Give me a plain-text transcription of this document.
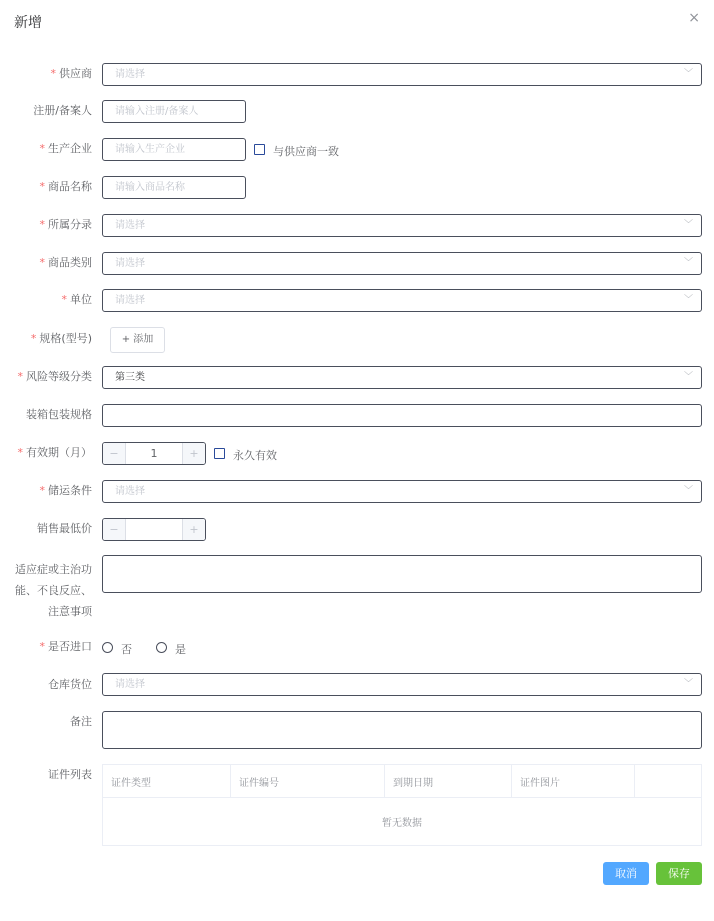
新增	×
* 供应商	请选择	﹀
注册/备案人	请输入注册/备案人
* 生产企业	请输入生产企业	与供应商一致
* 商品名称	请输入商品名称
* 所属分录	请选择	﹀
* 商品类别	请选择	﹀
* 单位	请选择	﹀
* 规格(型号)	+ 添加
* 风险等级分类	第三类	﹀
装箱包装规格
* 有效期（月）	−	1	+	永久有效
* 储运条件	请选择	﹀
销售最低价	−	+
适应症或主治功
能、不良反应、
注意事项
* 是否进口	否	是
仓库货位	请选择	﹀
备注
证件列表
证件类型	证件编号	到期日期	证件图片	
暂无数据
取消	保存
